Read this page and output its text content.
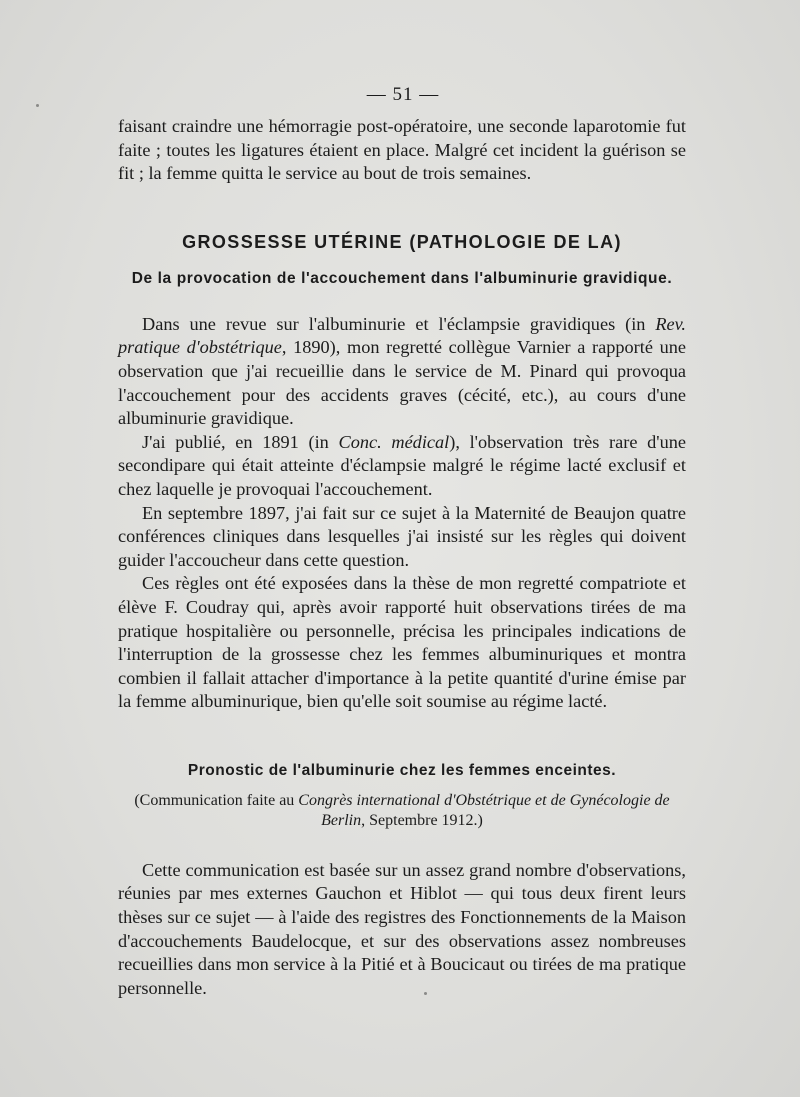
— 51 —

faisant craindre une hémorragie post-opératoire, une seconde laparotomie fut faite ; toutes les ligatures étaient en place. Malgré cet incident la guérison se fit ; la femme quitta le service au bout de trois semaines.

GROSSESSE UTÉRINE (PATHOLOGIE DE LA)
De la provocation de l'accouchement dans l'albuminurie gravidique.

Dans une revue sur l'albuminurie et l'éclampsie gravidiques (in Rev. pratique d'obstétrique, 1890), mon regretté collègue Varnier a rapporté une observation que j'ai recueillie dans le service de M. Pinard qui provoqua l'accouchement pour des accidents graves (cécité, etc.), au cours d'une albuminurie gravidique.

J'ai publié, en 1891 (in Conc. médical), l'observation très rare d'une secondipare qui était atteinte d'éclampsie malgré le régime lacté exclusif et chez laquelle je provoquai l'accouchement.

En septembre 1897, j'ai fait sur ce sujet à la Maternité de Beaujon quatre conférences cliniques dans lesquelles j'ai insisté sur les règles qui doivent guider l'accoucheur dans cette question.

Ces règles ont été exposées dans la thèse de mon regretté compatriote et élève F. Coudray qui, après avoir rapporté huit observations tirées de ma pratique hospitalière ou personnelle, précisa les principales indications de l'interruption de la grossesse chez les femmes albuminuriques et montra combien il fallait attacher d'importance à la petite quantité d'urine émise par la femme albuminurique, bien qu'elle soit soumise au régime lacté.

Pronostic de l'albuminurie chez les femmes enceintes.
(Communication faite au Congrès international d'Obstétrique et de Gynécologie de Berlin, Septembre 1912.)

Cette communication est basée sur un assez grand nombre d'observations, réunies par mes externes Gauchon et Hiblot — qui tous deux firent leurs thèses sur ce sujet — à l'aide des registres des Fonctionnements de la Maison d'accouchements Baudelocque, et sur des observations assez nombreuses recueillies dans mon service à la Pitié et à Boucicaut ou tirées de ma pratique personnelle.
